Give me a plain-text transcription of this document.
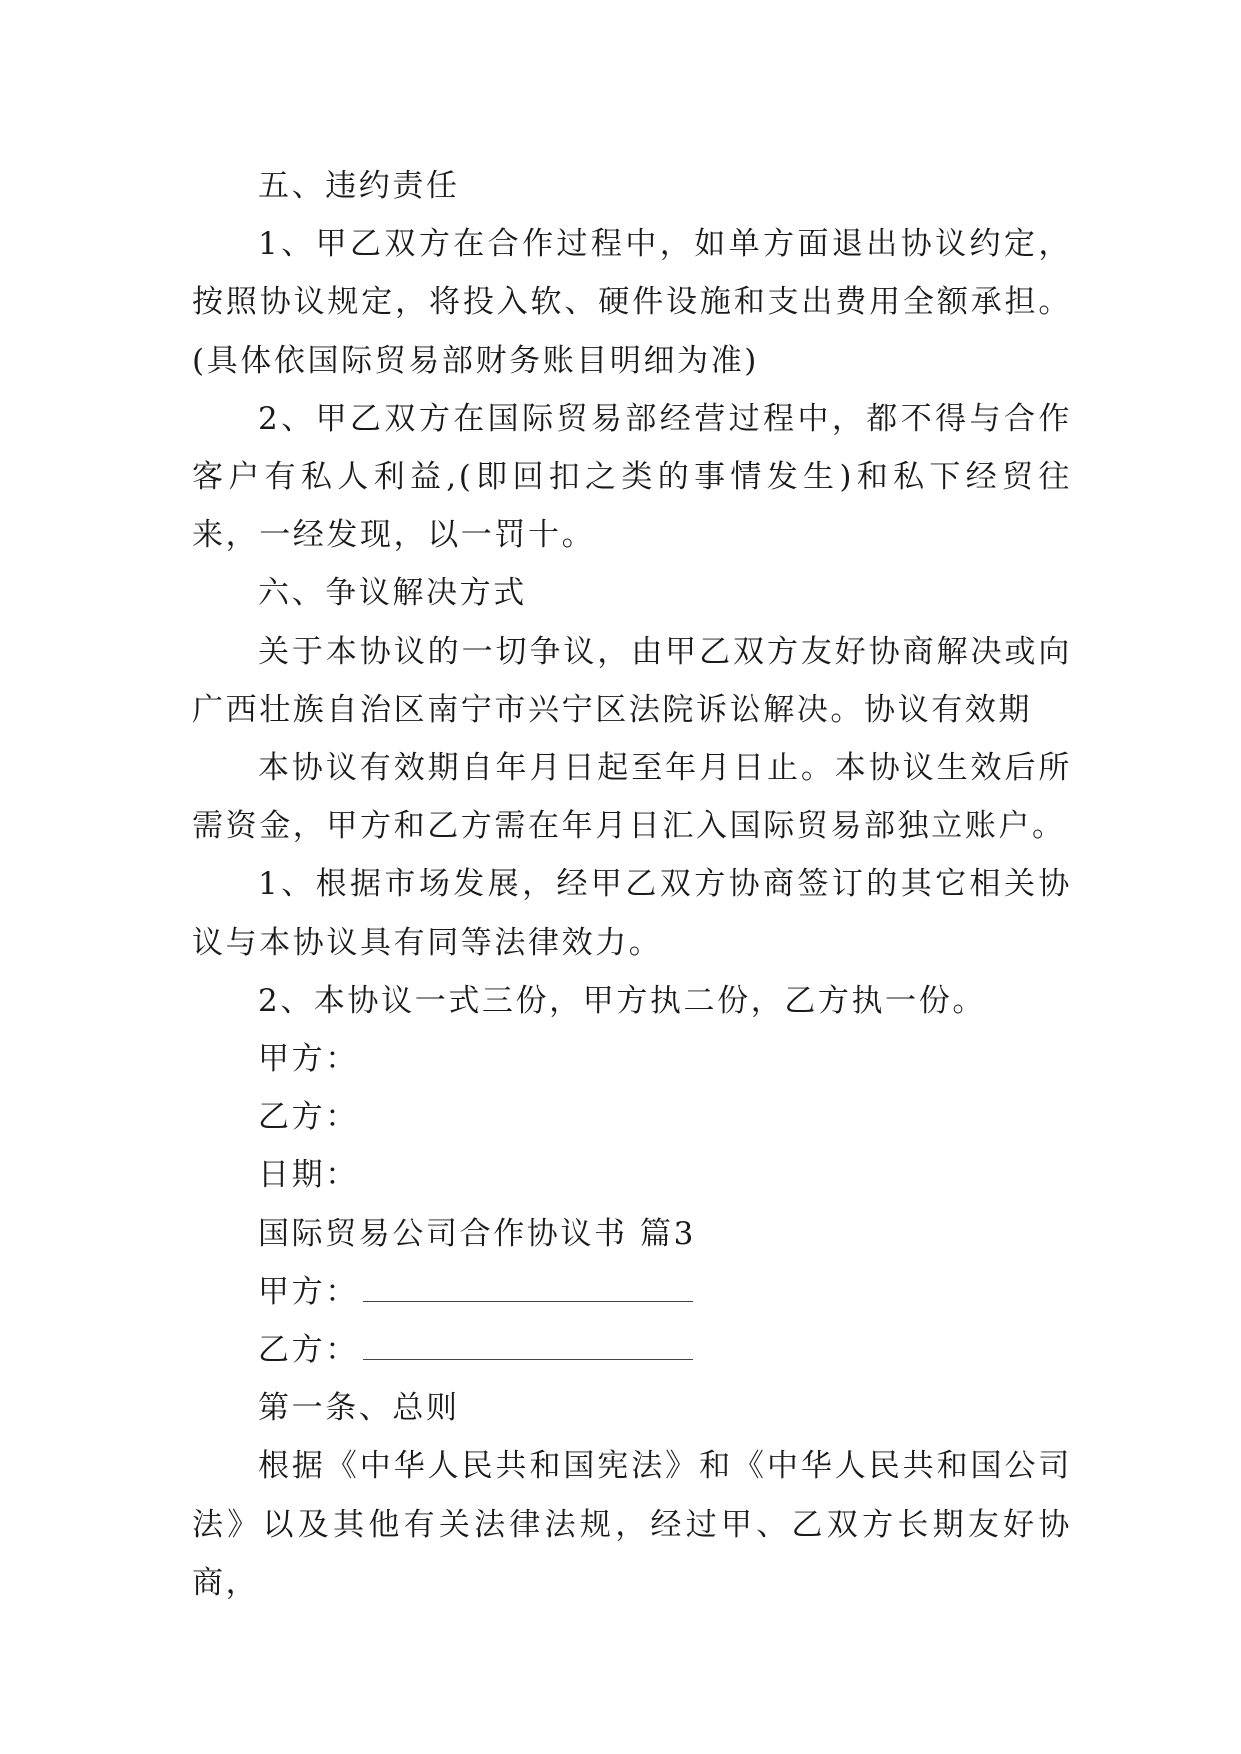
五、违约责任

1、甲乙双方在合作过程中，如单方面退出协议约定，按照协议规定，将投入软、硬件设施和支出费用全额承担。(具体依国际贸易部财务账目明细为准)

2、甲乙双方在国际贸易部经营过程中，都不得与合作客户有私人利益,(即回扣之类的事情发生)和私下经贸往来，一经发现，以一罚十。

六、争议解决方式

关于本协议的一切争议，由甲乙双方友好协商解决或向广西壮族自治区南宁市兴宁区法院诉讼解决。协议有效期

本协议有效期自年月日起至年月日止。本协议生效后所需资金，甲方和乙方需在年月日汇入国际贸易部独立账户。

1、根据市场发展，经甲乙双方协商签订的其它相关协议与本协议具有同等法律效力。

2、本协议一式三份，甲方执二份，乙方执一份。

甲方：

乙方：

日期：

国际贸易公司合作协议书 篇3

甲方：

乙方：

第一条、总则

根据《中华人民共和国宪法》和《中华人民共和国公司法》以及其他有关法律法规，经过甲、乙双方长期友好协商，
